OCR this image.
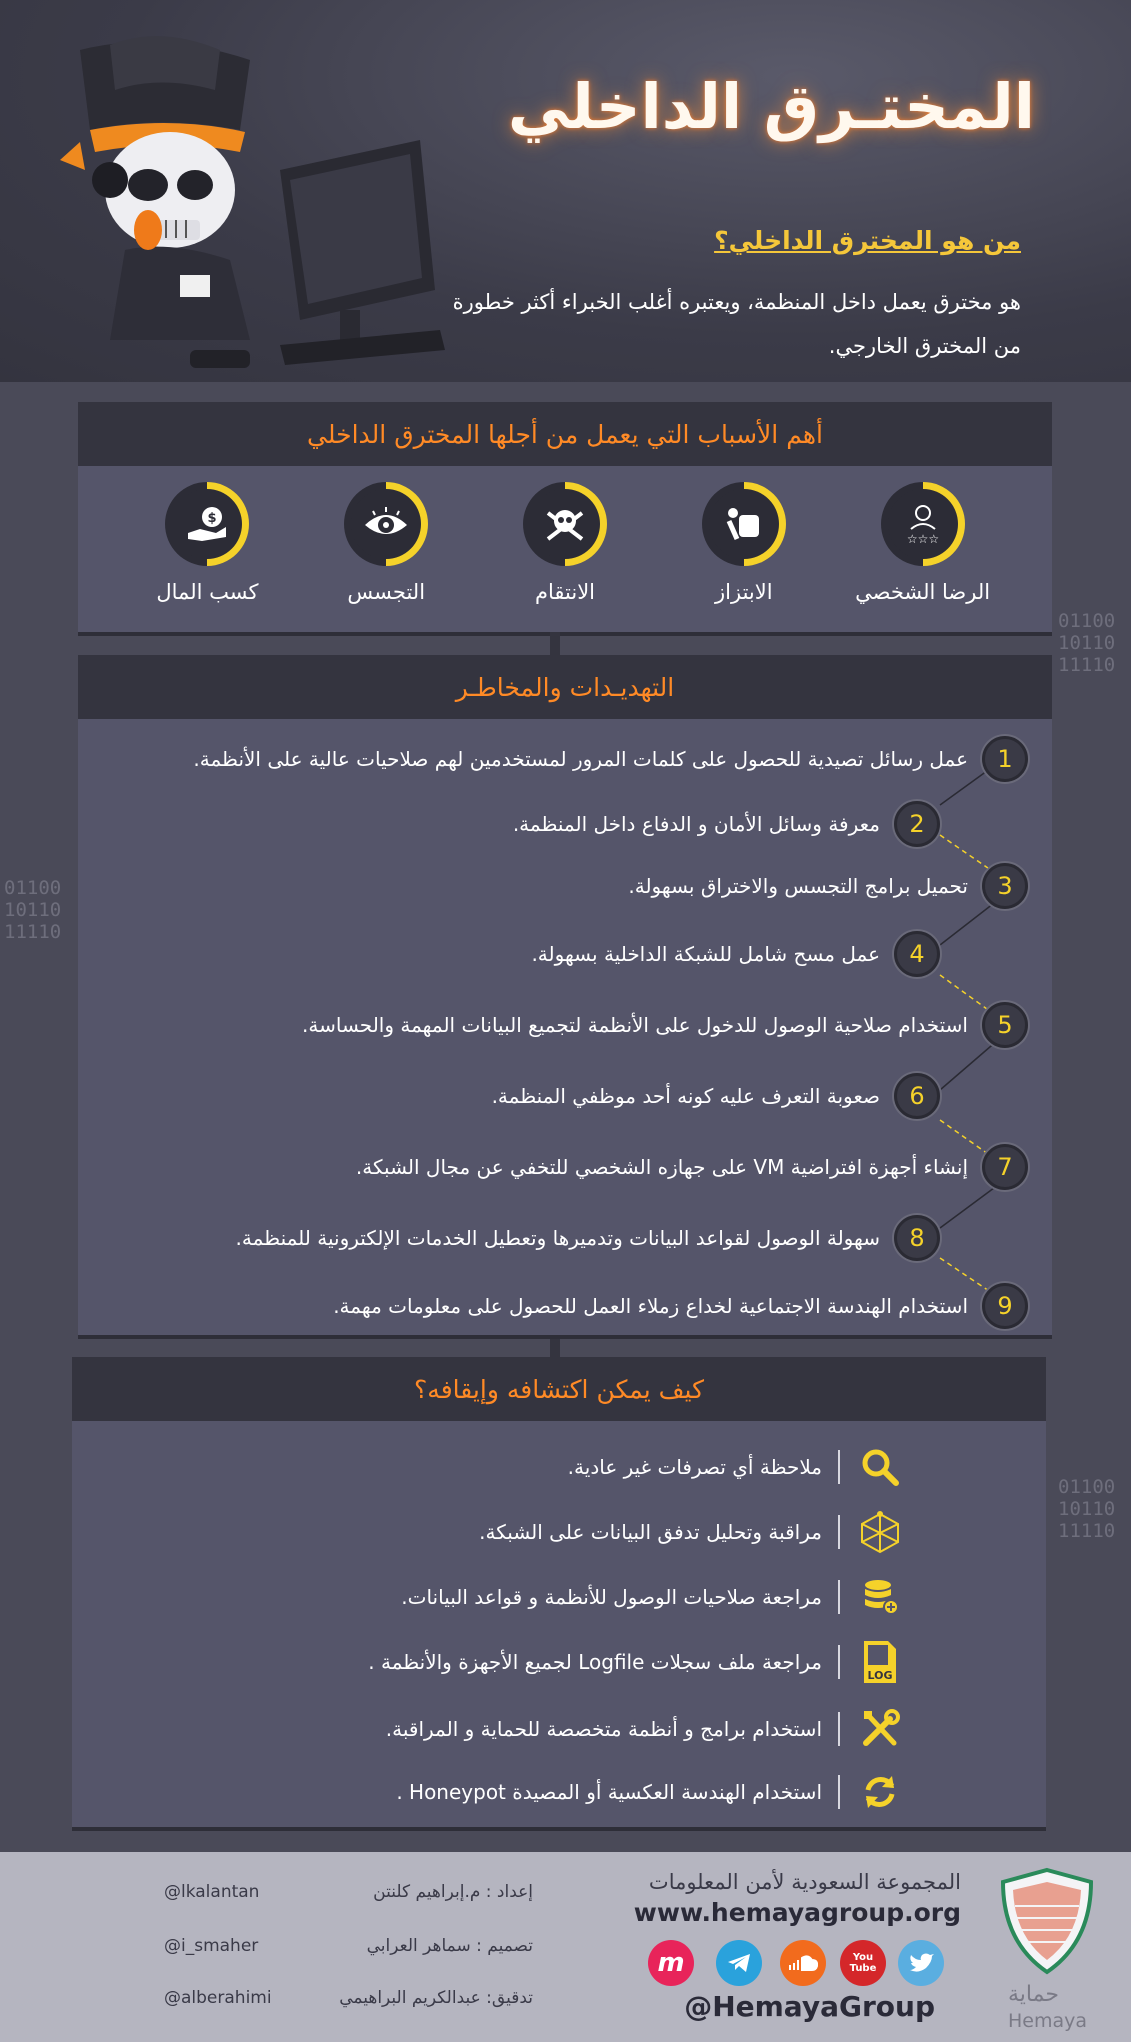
المختـرق الداخلي
من هو المخترق الداخلي؟

هو مخترق يعمل داخل المنظمة، ويعتبره أغلب الخبراء أكثر خطورة من المخترق الخارجي.

01100
10110
11110
01100
10110
11110
01100
10110
11110
أهم الأسباب التي يعمل من أجلها المخترق الداخلي
☆☆☆
الرضا الشخصي
الابتزاز
الانتقام
التجسس
$
كسب المال
التهديـدات والمخاطـر
1
عمل رسائل تصيدية للحصول على كلمات المرور لمستخدمين لهم صلاحيات عالية على الأنظمة.
2
معرفة وسائل الأمان و الدفاع داخل المنظمة.
3
تحميل برامج التجسس والاختراق بسهولة.
4
عمل مسح شامل للشبكة الداخلية بسهولة.
5
استخدام صلاحية الوصول للدخول على الأنظمة لتجميع البيانات المهمة والحساسة.
6
صعوبة التعرف عليه كونه أحد موظفي المنظمة.
7
إنشاء أجهزة افتراضية VM على جهازه الشخصي للتخفي عن مجال الشبكة.
8
سهولة الوصول لقواعد البيانات وتدميرها وتعطيل الخدمات الإلكترونية للمنظمة.
9
استخدام الهندسة الاجتماعية لخداع زملاء العمل للحصول على معلومات مهمة.
كيف يمكن اكتشافه وإيقافه؟
ملاحظة أي تصرفات غير عادية.
مراقبة وتحليل تدفق البيانات على الشبكة.
مراجعة صلاحيات الوصول للأنظمة و قواعد البيانات.
LOG
مراجعة ملف سجلات Logfile لجميع الأجهزة والأنظمة .
استخدام برامج و أنظمة متخصصة للحماية و المراقبة.
استخدام الهندسة العكسية أو المصيدة Honeypot .
حماية
Hemaya
المجموعة السعودية لأمن المعلومات
www.hemayagroup.org
You Tube
m
@HemayaGroup
إعداد : م.إبراهيم كلنتن
@lkalantan
تصميم : سماهر العرابي
@i_smaher
تدقيق: عبدالكريم البراهيمي
@alberahimi
